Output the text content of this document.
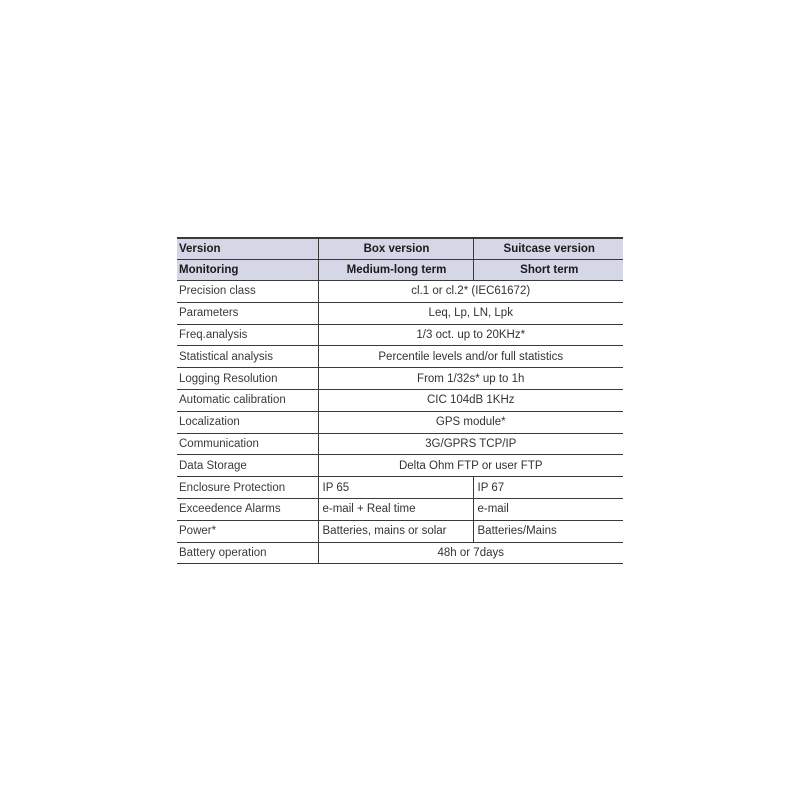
Version	Box version	Suitcase version
Monitoring	Medium-long term	Short term
Precision class	cl.1 or cl.2* (IEC61672)	
Parameters	Leq, Lp, LN, Lpk	
Freq.analysis	1/3 oct. up to 20KHz*	
Statistical analysis	Percentile levels and/or full statistics	
Logging Resolution	From 1/32s* up to 1h	
Automatic calibration	CIC 104dB 1KHz	
Localization	GPS module*	
Communication	3G/GPRS TCP/IP	
Data Storage	Delta Ohm FTP or user FTP	
Enclosure Protection	IP 65	IP 67
Exceedence Alarms	e-mail + Real time	e-mail
Power*	Batteries, mains or solar	Batteries/Mains
Battery operation	48h or 7days	
